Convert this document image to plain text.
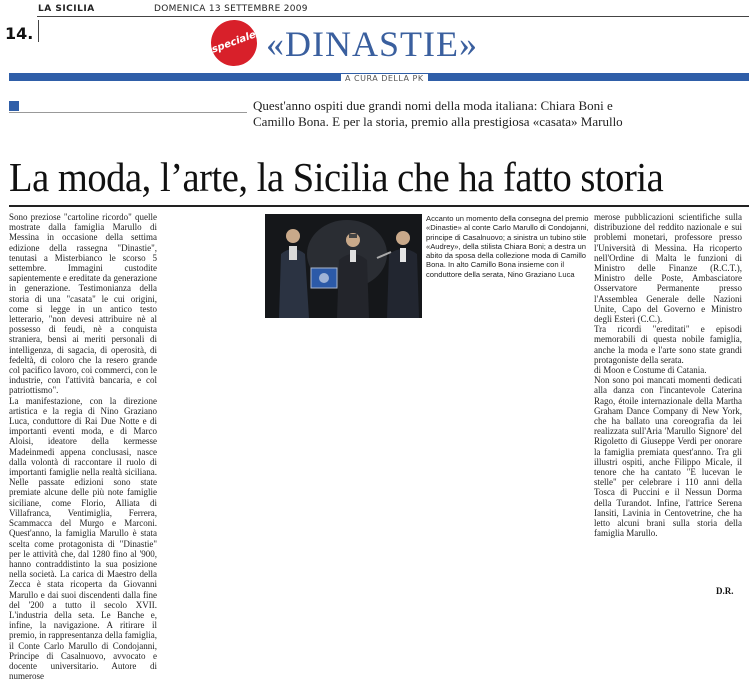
LA SICILIA	DOMENICA 13 SETTEMBRE 2009
14.	speciale «DINASTIE»
A CURA DELLA PK
Quest'anno ospiti due grandi nomi della moda italiana: Chiara Boni e Camillo Bona. E per la storia, premio alla prestigiosa «casata» Marullo
La moda, l’arte, la Sicilia che ha fatto storia

Sono preziose "cartoline ricordo" quelle mostrate dalla famiglia Marullo di Messina in occasione della settima edizione della rassegna "Dinastie", tenutasi a Misterbianco le scorso 5 settembre. Immagini custodite sapientemente e ereditate da generazione in generazione. Testimonianza della storia di una "casata" le cui origini, come si legge in un antico testo letterario, "non devesi attribuire nè al possesso di feudi, nè a conquista straniera, bensì ai meriti personali di intelligenza, di sagacia, di operosità, di fedeltà, di coloro che la resero grande col pacifico lavoro, coi commerci, con le industrie, con l'attività bancaria, e col patriottismo".

La manifestazione, con la direzione artistica e la regia di Nino Graziano Luca, conduttore di Rai Due Notte e di importanti eventi moda, e di Marco Aloisi, ideatore della kermesse Madeinmedi appena conclusasi, nasce dalla volontà di raccontare il ruolo di importanti famiglie nella realtà siciliana. Nelle passate edizioni sono state premiate alcune delle più note famiglie siciliane, come Florio, Alliata di Villafranca, Ventimiglia, Ferrera, Scammacca del Murgo e Marconi. Quest'anno, la famiglia Marullo è stata scelta come protagonista di "Dinastie" per le attività che, dal 1280 fino al '900, hanno contraddistinto la sua posizione nella società. La carica di Maestro della Zecca è stata ricoperta da Giovanni Marullo e dai suoi discendenti dalla fine del '200 a tutto il secolo XVII. L'industria della seta. Le Banche e, infine, la navigazione. A ritirare il premio, in rappresentanza della famiglia, il Conte Carlo Marullo di Condojanni, Principe di Casalnuovo, avvocato e docente universitario. Autore di numerose

Accanto un momento della consegna del premio «Dinastie» al conte Carlo Marullo di Condojanni, principe di Casalnuovo; a sinistra un tubino stile «Audrey», della stilista Chiara Boni; a destra un abito da sposa della collezione moda di Camillo Bona. In alto Camillo Bona insieme con il conduttore della serata, Nino Graziano Luca

merose pubblicazioni scientifiche sulla distribuzione del reddito nazionale e sui problemi monetari, professore presso l'Università di Messina. Ha ricoperto nell'Ordine di Malta le funzioni di Ministro delle Finanze (R.C.T.), Ministro delle Poste, Ambasciatore Osservatore Permanente presso l'Assemblea Generale delle Nazioni Unite, Capo del Governo e Ministro degli Esteri (C.C.).

Tra ricordi "ereditati" e episodi memorabili di questa nobile famiglia, anche la moda e l'arte sono state grandi protagoniste della serata.

di Moon e Costume di Catania.

Non sono poi mancati momenti dedicati alla danza con l'incantevole Caterina Rago, étoile internazionale della Martha Graham Dance Company di New York, che ha ballato una coreografia da lei realizzata sull'Aria 'Marullo Signore' del Rigoletto di Giuseppe Verdi per onorare la famiglia premiata quest'anno. Tra gli illustri ospiti, anche Filippo Micale, il tenore che ha cantato "E lucevan le stelle" per celebrare i 110 anni della Tosca di Puccini e il Nessun Dorma della Turandot. Infine, l'attrice Serena Iansiti, Lavinia in Centovetrine, che ha letto alcuni brani sulla storia della famiglia Marullo.

D.R.
